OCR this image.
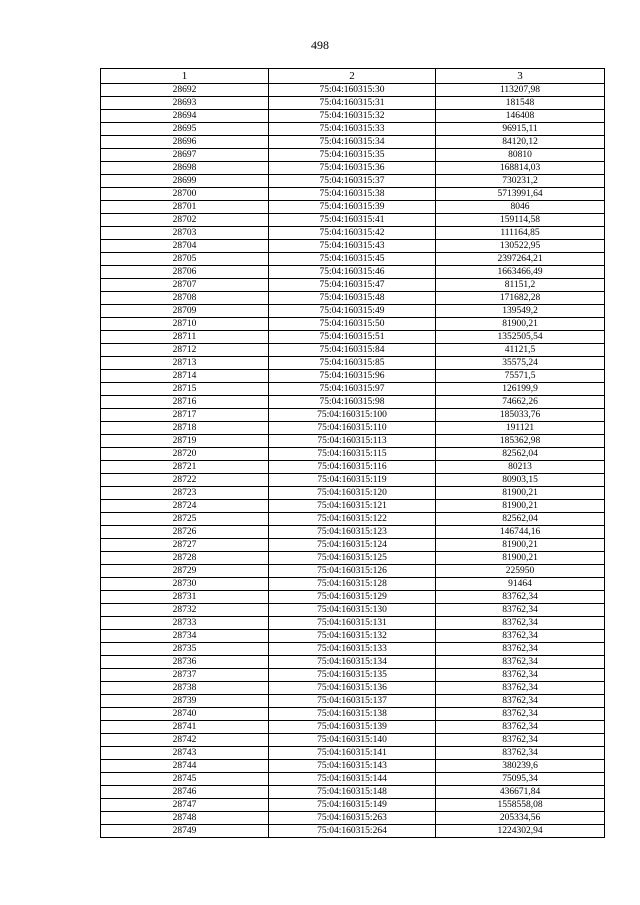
498
1	2	3
28692	75:04:160315:30	113207,98
28693	75:04:160315:31	181548
28694	75:04:160315:32	146408
28695	75:04:160315:33	96915,11
28696	75:04:160315:34	84120,12
28697	75:04:160315:35	80810
28698	75:04:160315:36	168814,03
28699	75:04:160315:37	730231,2
28700	75:04:160315:38	5713991,64
28701	75:04:160315:39	8046
28702	75:04:160315:41	159114,58
28703	75:04:160315:42	111164,85
28704	75:04:160315:43	130522,95
28705	75:04:160315:45	2397264,21
28706	75:04:160315:46	1663466,49
28707	75:04:160315:47	81151,2
28708	75:04:160315:48	171682,28
28709	75:04:160315:49	139549,2
28710	75:04:160315:50	81900,21
28711	75:04:160315:51	1352505,54
28712	75:04:160315:84	41121,5
28713	75:04:160315:85	35575,24
28714	75:04:160315:96	75571,5
28715	75:04:160315:97	126199,9
28716	75:04:160315:98	74662,26
28717	75:04:160315:100	185033,76
28718	75:04:160315:110	191121
28719	75:04:160315:113	185362,98
28720	75:04:160315:115	82562,04
28721	75:04:160315:116	80213
28722	75:04:160315:119	80903,15
28723	75:04:160315:120	81900,21
28724	75:04:160315:121	81900,21
28725	75:04:160315:122	82562,04
28726	75:04:160315:123	146744,16
28727	75:04:160315:124	81900,21
28728	75:04:160315:125	81900,21
28729	75:04:160315:126	225950
28730	75:04:160315:128	91464
28731	75:04:160315:129	83762,34
28732	75:04:160315:130	83762,34
28733	75:04:160315:131	83762,34
28734	75:04:160315:132	83762,34
28735	75:04:160315:133	83762,34
28736	75:04:160315:134	83762,34
28737	75:04:160315:135	83762,34
28738	75:04:160315:136	83762,34
28739	75:04:160315:137	83762,34
28740	75:04:160315:138	83762,34
28741	75:04:160315:139	83762,34
28742	75:04:160315:140	83762,34
28743	75:04:160315:141	83762,34
28744	75:04:160315:143	380239,6
28745	75:04:160315:144	75095,34
28746	75:04:160315:148	436671,84
28747	75:04:160315:149	1558558,08
28748	75:04:160315:263	205334,56
28749	75:04:160315:264	1224302,94
